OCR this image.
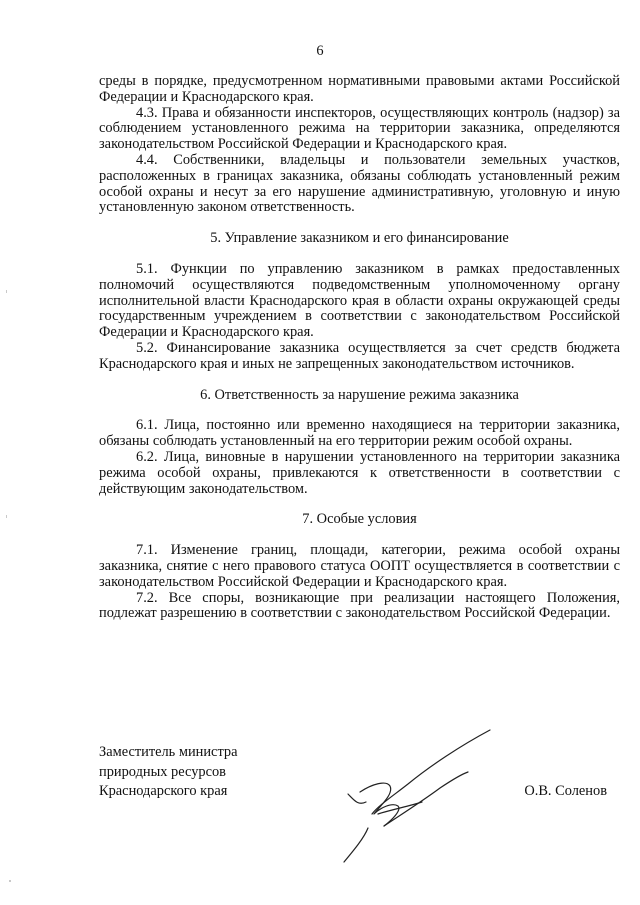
6

среды в порядке, предусмотренном нормативными правовыми актами Российской Федерации и Краснодарского края.

4.3. Права и обязанности инспекторов, осуществляющих контроль (надзор) за соблюдением установленного режима на территории заказника, определяются законодательством Российской Федерации и Краснодарского края.

4.4. Собственники, владельцы и пользователи земельных участков, расположенных в границах заказника, обязаны соблюдать установленный режим особой охраны и несут за его нарушение административную, уголовную и иную установленную законом ответственность.

5. Управление заказником и его финансирование

5.1. Функции по управлению заказником в рамках предоставленных полномочий осуществляются подведомственным уполномоченному органу исполнительной власти Краснодарского края в области охраны окружающей среды государственным учреждением в соответствии с законодательством Российской Федерации и Краснодарского края.

5.2. Финансирование заказника осуществляется за счет средств бюджета Краснодарского края и иных не запрещенных законодательством источников.

6. Ответственность за нарушение режима заказника

6.1. Лица, постоянно или временно находящиеся на территории заказника, обязаны соблюдать установленный на его территории режим особой охраны.

6.2. Лица, виновные в нарушении установленного на территории заказника режима особой охраны, привлекаются к ответственности в соответствии с действующим законодательством.

7. Особые условия

7.1. Изменение границ, площади, категории, режима особой охраны заказника, снятие с него правового статуса ООПТ осуществляется в соответствии с законодательством Российской Федерации и Краснодарского края.

7.2. Все споры, возникающие при реализации настоящего Положения, подлежат разрешению в соответствии с законодательством Российской Федерации.

Заместитель министра
природных ресурсов
Краснодарского края	О.В. Соленов
